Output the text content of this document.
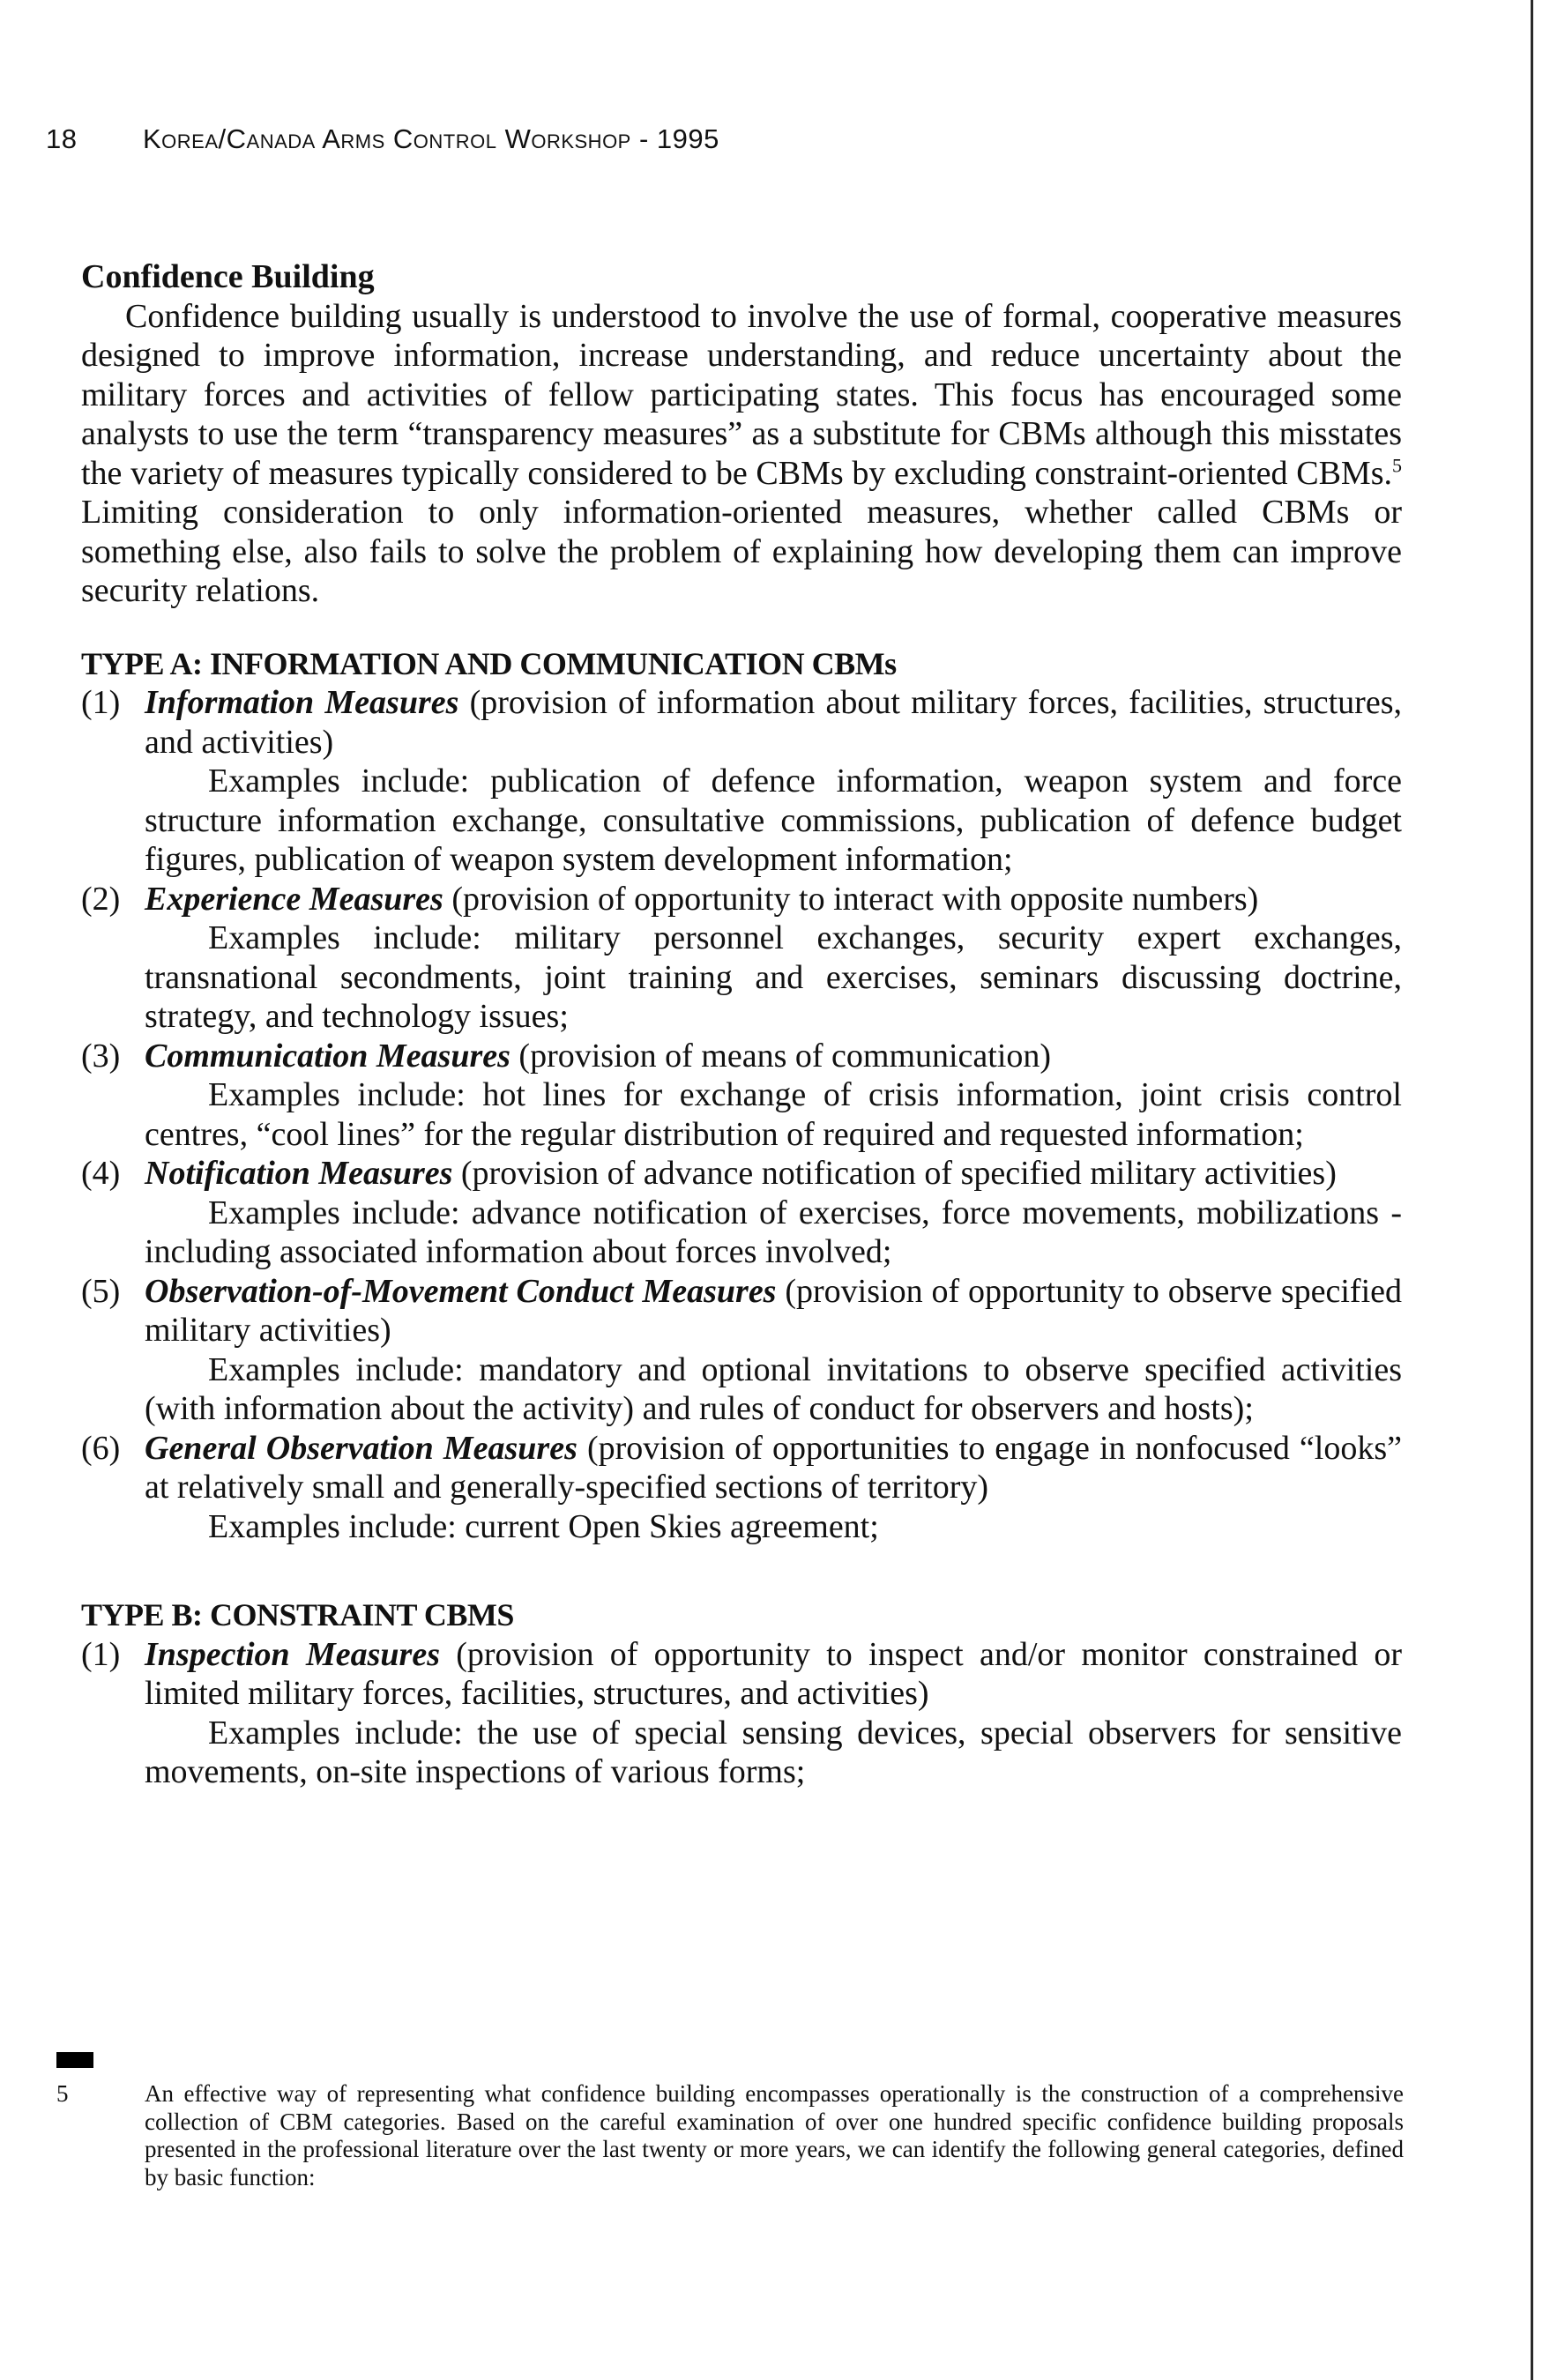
18 Korea/Canada Arms Control Workshop - 1995
Confidence Building

Confidence building usually is understood to involve the use of formal, cooperative measures designed to improve information, increase understanding, and reduce uncertainty about the military forces and activities of fellow participating states. This focus has encouraged some analysts to use the term “transparency measures” as a substitute for CBMs although this misstates the variety of measures typically considered to be CBMs by excluding constraint-oriented CBMs.$^5$ Limiting consideration to only information-oriented measures, whether called CBMs or something else, also fails to solve the problem of explaining how developing them can improve security relations.

TYPE A: INFORMATION AND COMMUNICATION CBMs
(1) Information Measures (provision of information about military forces, facilities, structures, and activities)

Examples include: publication of defence information, weapon system and force structure information exchange, consultative commissions, publication of defence budget figures, publication of weapon system development information;

(2) Experience Measures (provision of opportunity to interact with opposite numbers)

Examples include: military personnel exchanges, security expert exchanges, transnational secondments, joint training and exercises, seminars discussing doctrine, strategy, and technology issues;

(3) Communication Measures (provision of means of communication)

Examples include: hot lines for exchange of crisis information, joint crisis control centres, “cool lines” for the regular distribution of required and requested information;

(4) Notification Measures (provision of advance notification of specified military activities)

Examples include: advance notification of exercises, force movements, mobilizations - including associated information about forces involved;

(5) Observation-of-Movement Conduct Measures (provision of opportunity to observe specified military activities)

Examples include: mandatory and optional invitations to observe specified activities (with information about the activity) and rules of conduct for observers and hosts);

(6) General Observation Measures (provision of opportunities to engage in nonfocused “looks” at relatively small and generally-specified sections of territory)

Examples include: current Open Skies agreement;

TYPE B: CONSTRAINT CBMS
(1) Inspection Measures (provision of opportunity to inspect and/or monitor constrained or limited military forces, facilities, structures, and activities)

Examples include: the use of special sensing devices, special observers for sensitive movements, on-site inspections of various forms;

5	An effective way of representing what confidence building encompasses operationally is the construction of a comprehensive collection of CBM categories. Based on the careful examination of over one hundred specific confidence building proposals presented in the professional literature over the last twenty or more years, we can identify the following general categories, defined by basic function:
